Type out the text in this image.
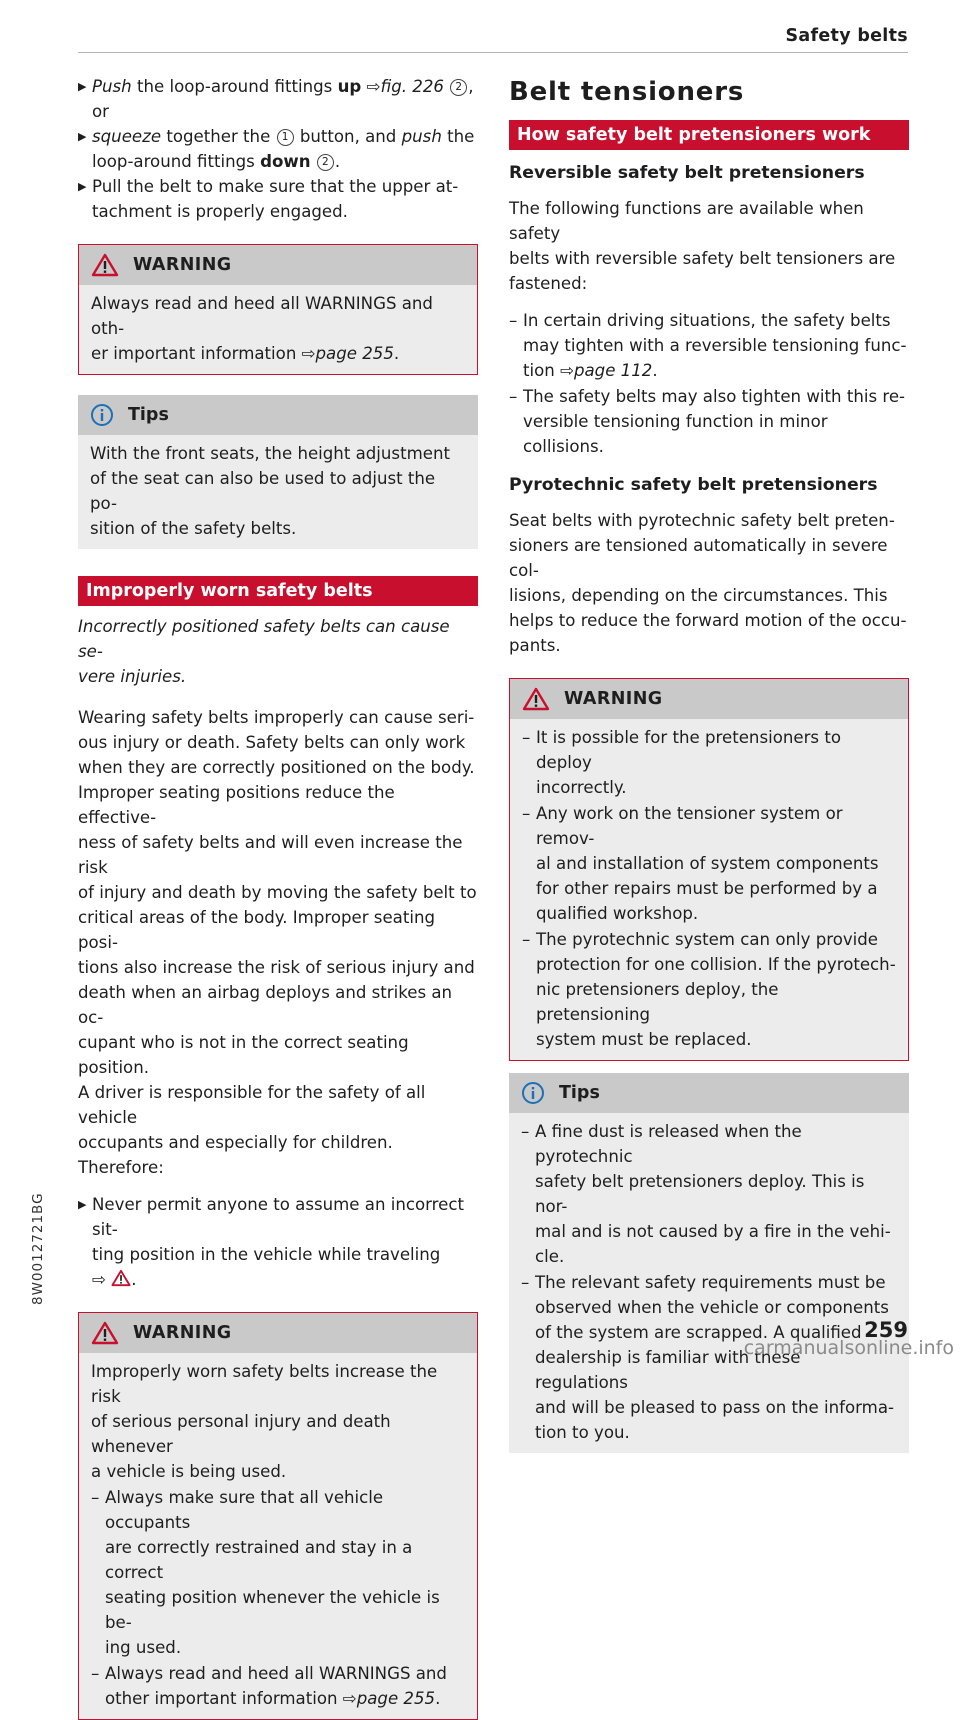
Safety belts
▶ Push the loop-around fittings up ⇨fig. 226 2 ,

or

▶ squeeze together the 1 button, and push the

loop-around fittings down 2 .

▶ Pull the belt to make sure that the upper at-

tachment is properly engaged.

WARNING

Always read and heed all WARNINGS and oth-

er important information ⇨page 255.

Tips

With the front seats, the height adjustment

of the seat can also be used to adjust the po-

sition of the safety belts.

Improperly worn safety belts

Incorrectly positioned safety belts can cause se-

vere injuries.

Wearing safety belts improperly can cause seri-

ous injury or death. Safety belts can only work

when they are correctly positioned on the body.

Improper seating positions reduce the effective-

ness of safety belts and will even increase the risk

of injury and death by moving the safety belt to

critical areas of the body. Improper seating posi-

tions also increase the risk of serious injury and

death when an airbag deploys and strikes an oc-

cupant who is not in the correct seating position.

A driver is responsible for the safety of all vehicle

occupants and especially for children. Therefore:

▶ Never permit anyone to assume an incorrect sit-

ting position in the vehicle while traveling

⇨ .

WARNING

Improperly worn safety belts increase the risk

of serious personal injury and death whenever

a vehicle is being used.

– Always make sure that all vehicle occupants

are correctly restrained and stay in a correct

seating position whenever the vehicle is be-

ing used.

– Always read and heed all WARNINGS and

other important information ⇨page 255.

Belt tensioners
How safety belt pretensioners work
Reversible safety belt pretensioners

The following functions are available when safety

belts with reversible safety belt tensioners are

fastened:

– In certain driving situations, the safety belts

may tighten with a reversible tensioning func-

tion ⇨page 112.

– The safety belts may also tighten with this re-

versible tensioning function in minor collisions.

Pyrotechnic safety belt pretensioners

Seat belts with pyrotechnic safety belt preten-

sioners are tensioned automatically in severe col-

lisions, depending on the circumstances. This

helps to reduce the forward motion of the occu-

pants.

WARNING
– It is possible for the pretensioners to deploy

incorrectly.

– Any work on the tensioner system or remov-

al and installation of system components

for other repairs must be performed by a

qualified workshop.

– The pyrotechnic system can only provide

protection for one collision. If the pyrotech-

nic pretensioners deploy, the pretensioning

system must be replaced.

Tips
– A fine dust is released when the pyrotechnic

safety belt pretensioners deploy. This is nor-

mal and is not caused by a fire in the vehi-

cle.

– The relevant safety requirements must be

observed when the vehicle or components

of the system are scrapped. A qualified

dealership is familiar with these regulations

and will be pleased to pass on the informa-

tion to you.

8W0012721BG
259
carmanualsonline.info
